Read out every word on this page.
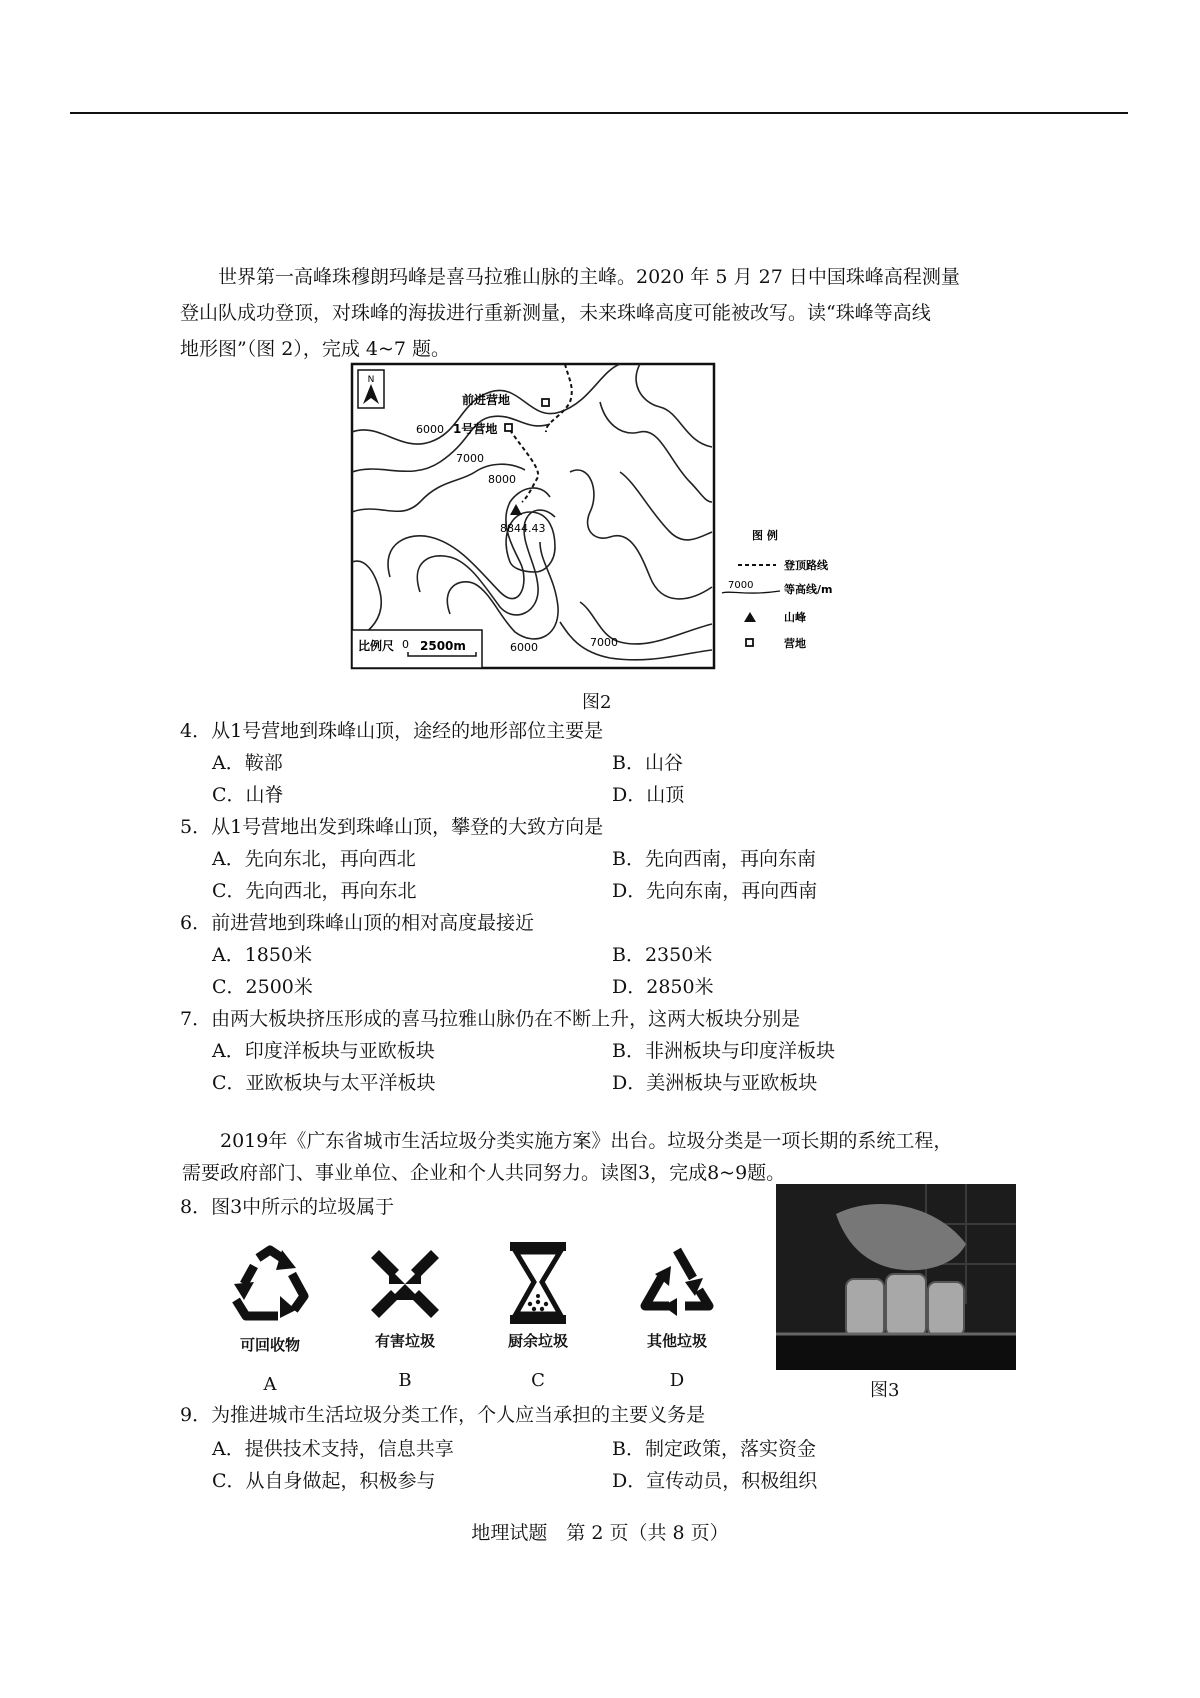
世界第一高峰珠穆朗玛峰是喜马拉雅山脉的主峰。2020 年 5 月 27 日中国珠峰高程测量
登山队成功登顶，对珠峰的海拔进行重新测量，未来珠峰高度可能被改写。读“珠峰等高线
地形图”（图 2），完成 4~7 题。
N
前进营地
1号营地
6000
7000
8000
8844.43
比例尺 0 2500m	6000	7000
图 例
登顶路线
7000	等高线/m
山峰
营地
图2
4．从1号营地到珠峰山顶，途经的地形部位主要是
A．鞍部	B．山谷
C．山脊	D．山顶
5．从1号营地出发到珠峰山顶，攀登的大致方向是
A．先向东北，再向西北	B．先向西南，再向东南
C．先向西北，再向东北	D．先向东南，再向西南
6．前进营地到珠峰山顶的相对高度最接近
A．1850米	B．2350米
C．2500米	D．2850米
7．由两大板块挤压形成的喜马拉雅山脉仍在不断上升，这两大板块分别是
A．印度洋板块与亚欧板块	B．非洲板块与印度洋板块
C．亚欧板块与太平洋板块	D．美洲板块与亚欧板块
2019年《广东省城市生活垃圾分类实施方案》出台。垃圾分类是一项长期的系统工程，
需要政府部门、事业单位、企业和个人共同努力。读图3，完成8~9题。
8．图3中所示的垃圾属于
可回收物	有害垃圾	厨余垃圾	其他垃圾
A	B	C	D	图3
9．为推进城市生活垃圾分类工作，个人应当承担的主要义务是
A．提供技术支持，信息共享	B．制定政策，落实资金
C．从自身做起，积极参与	D．宣传动员，积极组织
地理试题　第 2 页（共 8 页）
